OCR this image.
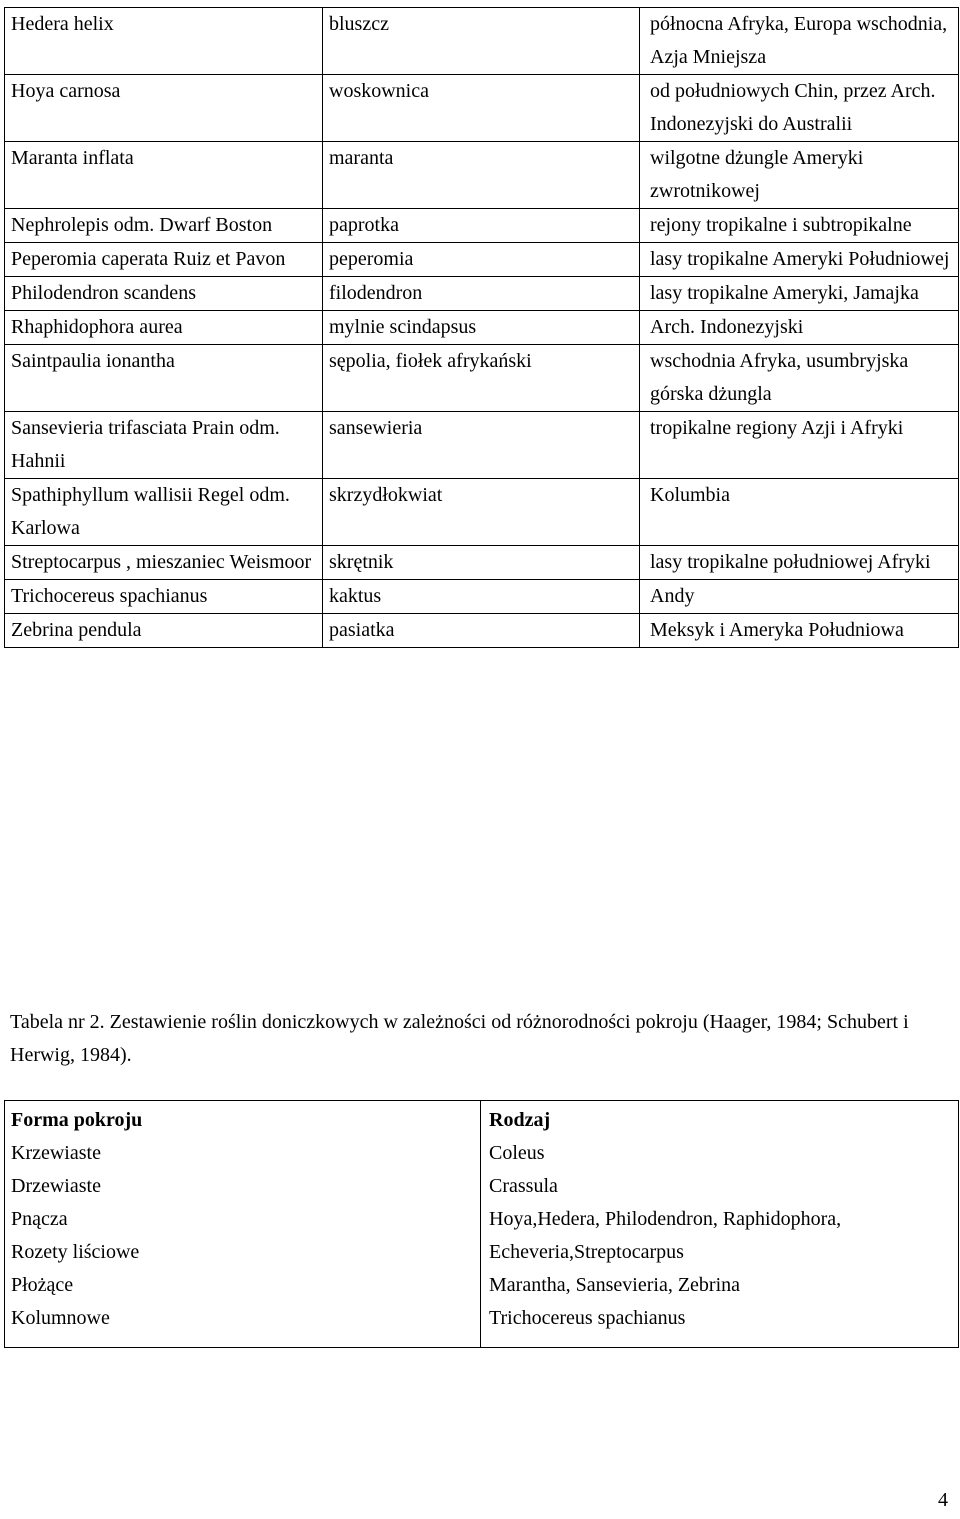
Hedera helix	bluszcz	północna Afryka, Europa wschodnia, Azja Mniejsza
Hoya carnosa	woskownica	od południowych Chin, przez Arch. Indonezyjski do Australii
Maranta inflata	maranta	wilgotne dżungle Ameryki zwrotnikowej
Nephrolepis odm. Dwarf Boston	paprotka	rejony tropikalne i subtropikalne
Peperomia caperata Ruiz et Pavon	peperomia	lasy tropikalne Ameryki Południowej
Philodendron scandens	filodendron	lasy tropikalne Ameryki, Jamajka
Rhaphidophora aurea	mylnie scindapsus	Arch. Indonezyjski
Saintpaulia ionantha	sępolia, fiołek afrykański	wschodnia Afryka, usumbryjska górska dżungla
Sansevieria trifasciata Prain odm. Hahnii	sansewieria	tropikalne regiony Azji i Afryki
Spathiphyllum wallisii Regel odm. Karlowa	skrzydłokwiat	Kolumbia
Streptocarpus , mieszaniec Weismoor	skrętnik	lasy tropikalne południowej Afryki
Trichocereus spachianus	kaktus	Andy
Zebrina pendula	pasiatka	Meksyk i Ameryka Południowa

Tabela nr 2. Zestawienie roślin doniczkowych w zależności od różnorodności pokroju (Haager, 1984; Schubert i Herwig, 1984).

Forma pokroju	Rodzaj
Krzewiaste	Coleus
Drzewiaste	Crassula
Pnącza	Hoya,Hedera, Philodendron, Raphidophora,
Rozety liściowe	Echeveria,Streptocarpus
Płożące	Marantha, Sansevieria, Zebrina
Kolumnowe	Trichocereus spachianus
4
